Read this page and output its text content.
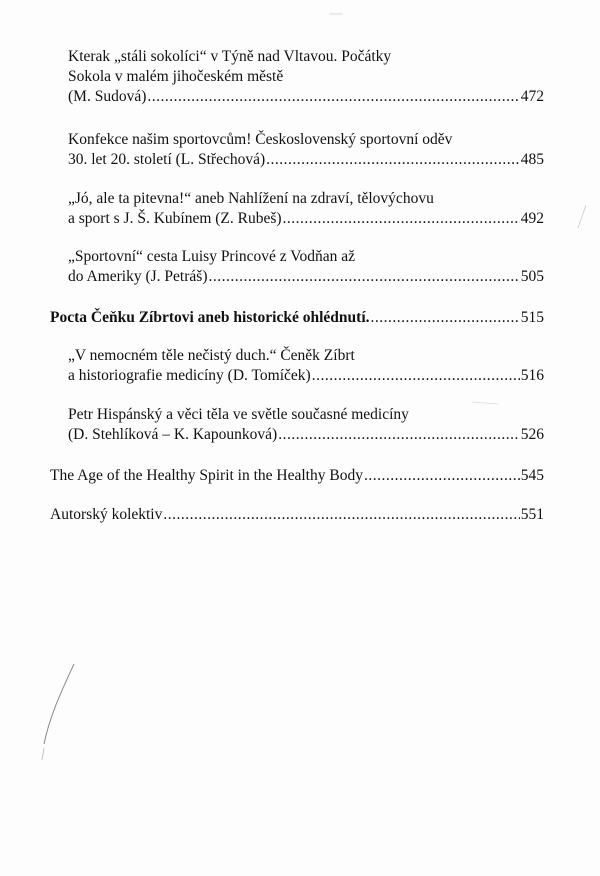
Kterak „stáli sokolíci“ v Týně nad Vltavou. Počátky
Sokola v malém jihočeském městě
(M. Sudová) .....	472
Konfekce našim sportovcům! Československý sportovní oděv
30. let 20. století (L. Střechová) .....	485
„Jó, ale ta pitevna!“ aneb Nahlížení na zdraví, tělovýchovu
a sport s J. Š. Kubínem (Z. Rubeš) .....	492
„Sportovní“ cesta Luisy Princové z Vodňan až
do Ameriky (J. Petráš) .....	505
Pocta Čeňku Zíbrtovi aneb historické ohlédnutí. .....	515
„V nemocném těle nečistý duch.“ Čeněk Zíbrt
a historiografie medicíny (D. Tomíček) .....	516
Petr Hispánský a věci těla ve světle současné medicíny
(D. Stehlíková – K. Kapounková) .....	526
The Age of the Healthy Spirit in the Healthy Body .....	545
Autorský kolektiv .....	551
